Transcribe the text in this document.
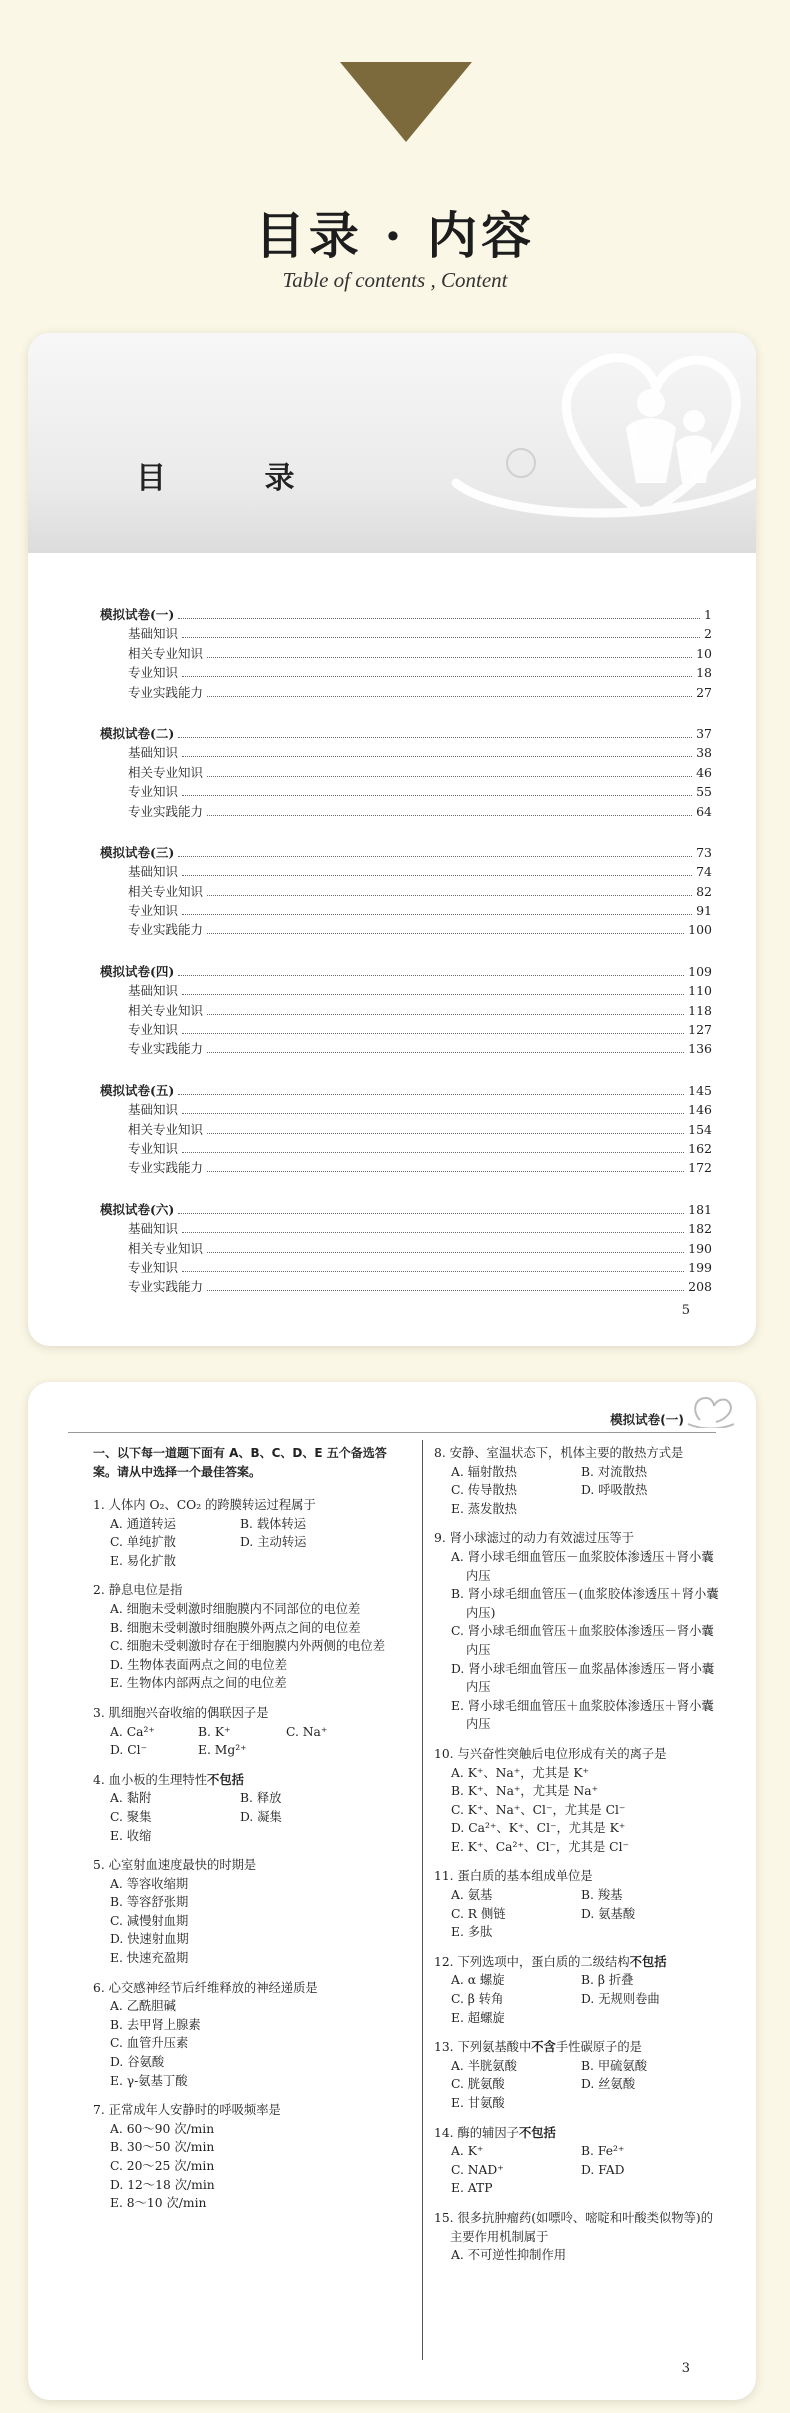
目录 · 内容
Table of contents , Content
目 录
模拟试卷(一)	1
基础知识	2
相关专业知识	10
专业知识	18
专业实践能力	27
模拟试卷(二)	37
基础知识	38
相关专业知识	46
专业知识	55
专业实践能力	64
模拟试卷(三)	73
基础知识	74
相关专业知识	82
专业知识	91
专业实践能力	100
模拟试卷(四)	109
基础知识	110
相关专业知识	118
专业知识	127
专业实践能力	136
模拟试卷(五)	145
基础知识	146
相关专业知识	154
专业知识	162
专业实践能力	172
模拟试卷(六)	181
基础知识	182
相关专业知识	190
专业知识	199
专业实践能力	208
5
模拟试卷(一)
一、以下每一道题下面有 A、B、C、D、E 五个备选答案。请从中选择一个最佳答案。
1. 人体内 O₂、CO₂ 的跨膜转运过程属于
A. 通道转运	B. 载体转运
C. 单纯扩散	D. 主动转运
E. 易化扩散
2. 静息电位是指
A. 细胞未受刺激时细胞膜内不同部位的电位差
B. 细胞未受刺激时细胞膜外两点之间的电位差
C. 细胞未受刺激时存在于细胞膜内外两侧的电位差
D. 生物体表面两点之间的电位差
E. 生物体内部两点之间的电位差
3. 肌细胞兴奋收缩的偶联因子是
A. Ca²⁺	B. K⁺	C. Na⁺
D. Cl⁻	E. Mg²⁺
4. 血小板的生理特性不包括
A. 黏附	B. 释放
C. 聚集	D. 凝集
E. 收缩
5. 心室射血速度最快的时期是
A. 等容收缩期
B. 等容舒张期
C. 减慢射血期
D. 快速射血期
E. 快速充盈期
6. 心交感神经节后纤维释放的神经递质是
A. 乙酰胆碱
B. 去甲肾上腺素
C. 血管升压素
D. 谷氨酸
E. γ-氨基丁酸
7. 正常成年人安静时的呼吸频率是
A. 60～90 次/min
B. 30～50 次/min
C. 20～25 次/min
D. 12～18 次/min
E. 8～10 次/min
8. 安静、室温状态下，机体主要的散热方式是
A. 辐射散热	B. 对流散热
C. 传导散热	D. 呼吸散热
E. 蒸发散热
9. 肾小球滤过的动力有效滤过压等于
A. 肾小球毛细血管压－血浆胶体渗透压＋肾小囊内压
B. 肾小球毛细血管压－(血浆胶体渗透压＋肾小囊内压)
C. 肾小球毛细血管压＋血浆胶体渗透压－肾小囊内压
D. 肾小球毛细血管压－血浆晶体渗透压－肾小囊内压
E. 肾小球毛细血管压＋血浆胶体渗透压＋肾小囊内压
10. 与兴奋性突触后电位形成有关的离子是
A. K⁺、Na⁺，尤其是 K⁺
B. K⁺、Na⁺，尤其是 Na⁺
C. K⁺、Na⁺、Cl⁻，尤其是 Cl⁻
D. Ca²⁺、K⁺、Cl⁻，尤其是 K⁺
E. K⁺、Ca²⁺、Cl⁻，尤其是 Cl⁻
11. 蛋白质的基本组成单位是
A. 氨基	B. 羧基
C. R 侧链	D. 氨基酸
E. 多肽
12. 下列选项中，蛋白质的二级结构不包括
A. α 螺旋	B. β 折叠
C. β 转角	D. 无规则卷曲
E. 超螺旋
13. 下列氨基酸中不含手性碳原子的是
A. 半胱氨酸	B. 甲硫氨酸
C. 胱氨酸	D. 丝氨酸
E. 甘氨酸
14. 酶的辅因子不包括
A. K⁺	B. Fe²⁺
C. NAD⁺	D. FAD
E. ATP
15. 很多抗肿瘤药(如嘌呤、嘧啶和叶酸类似物等)的主要作用机制属于
A. 不可逆性抑制作用
3
